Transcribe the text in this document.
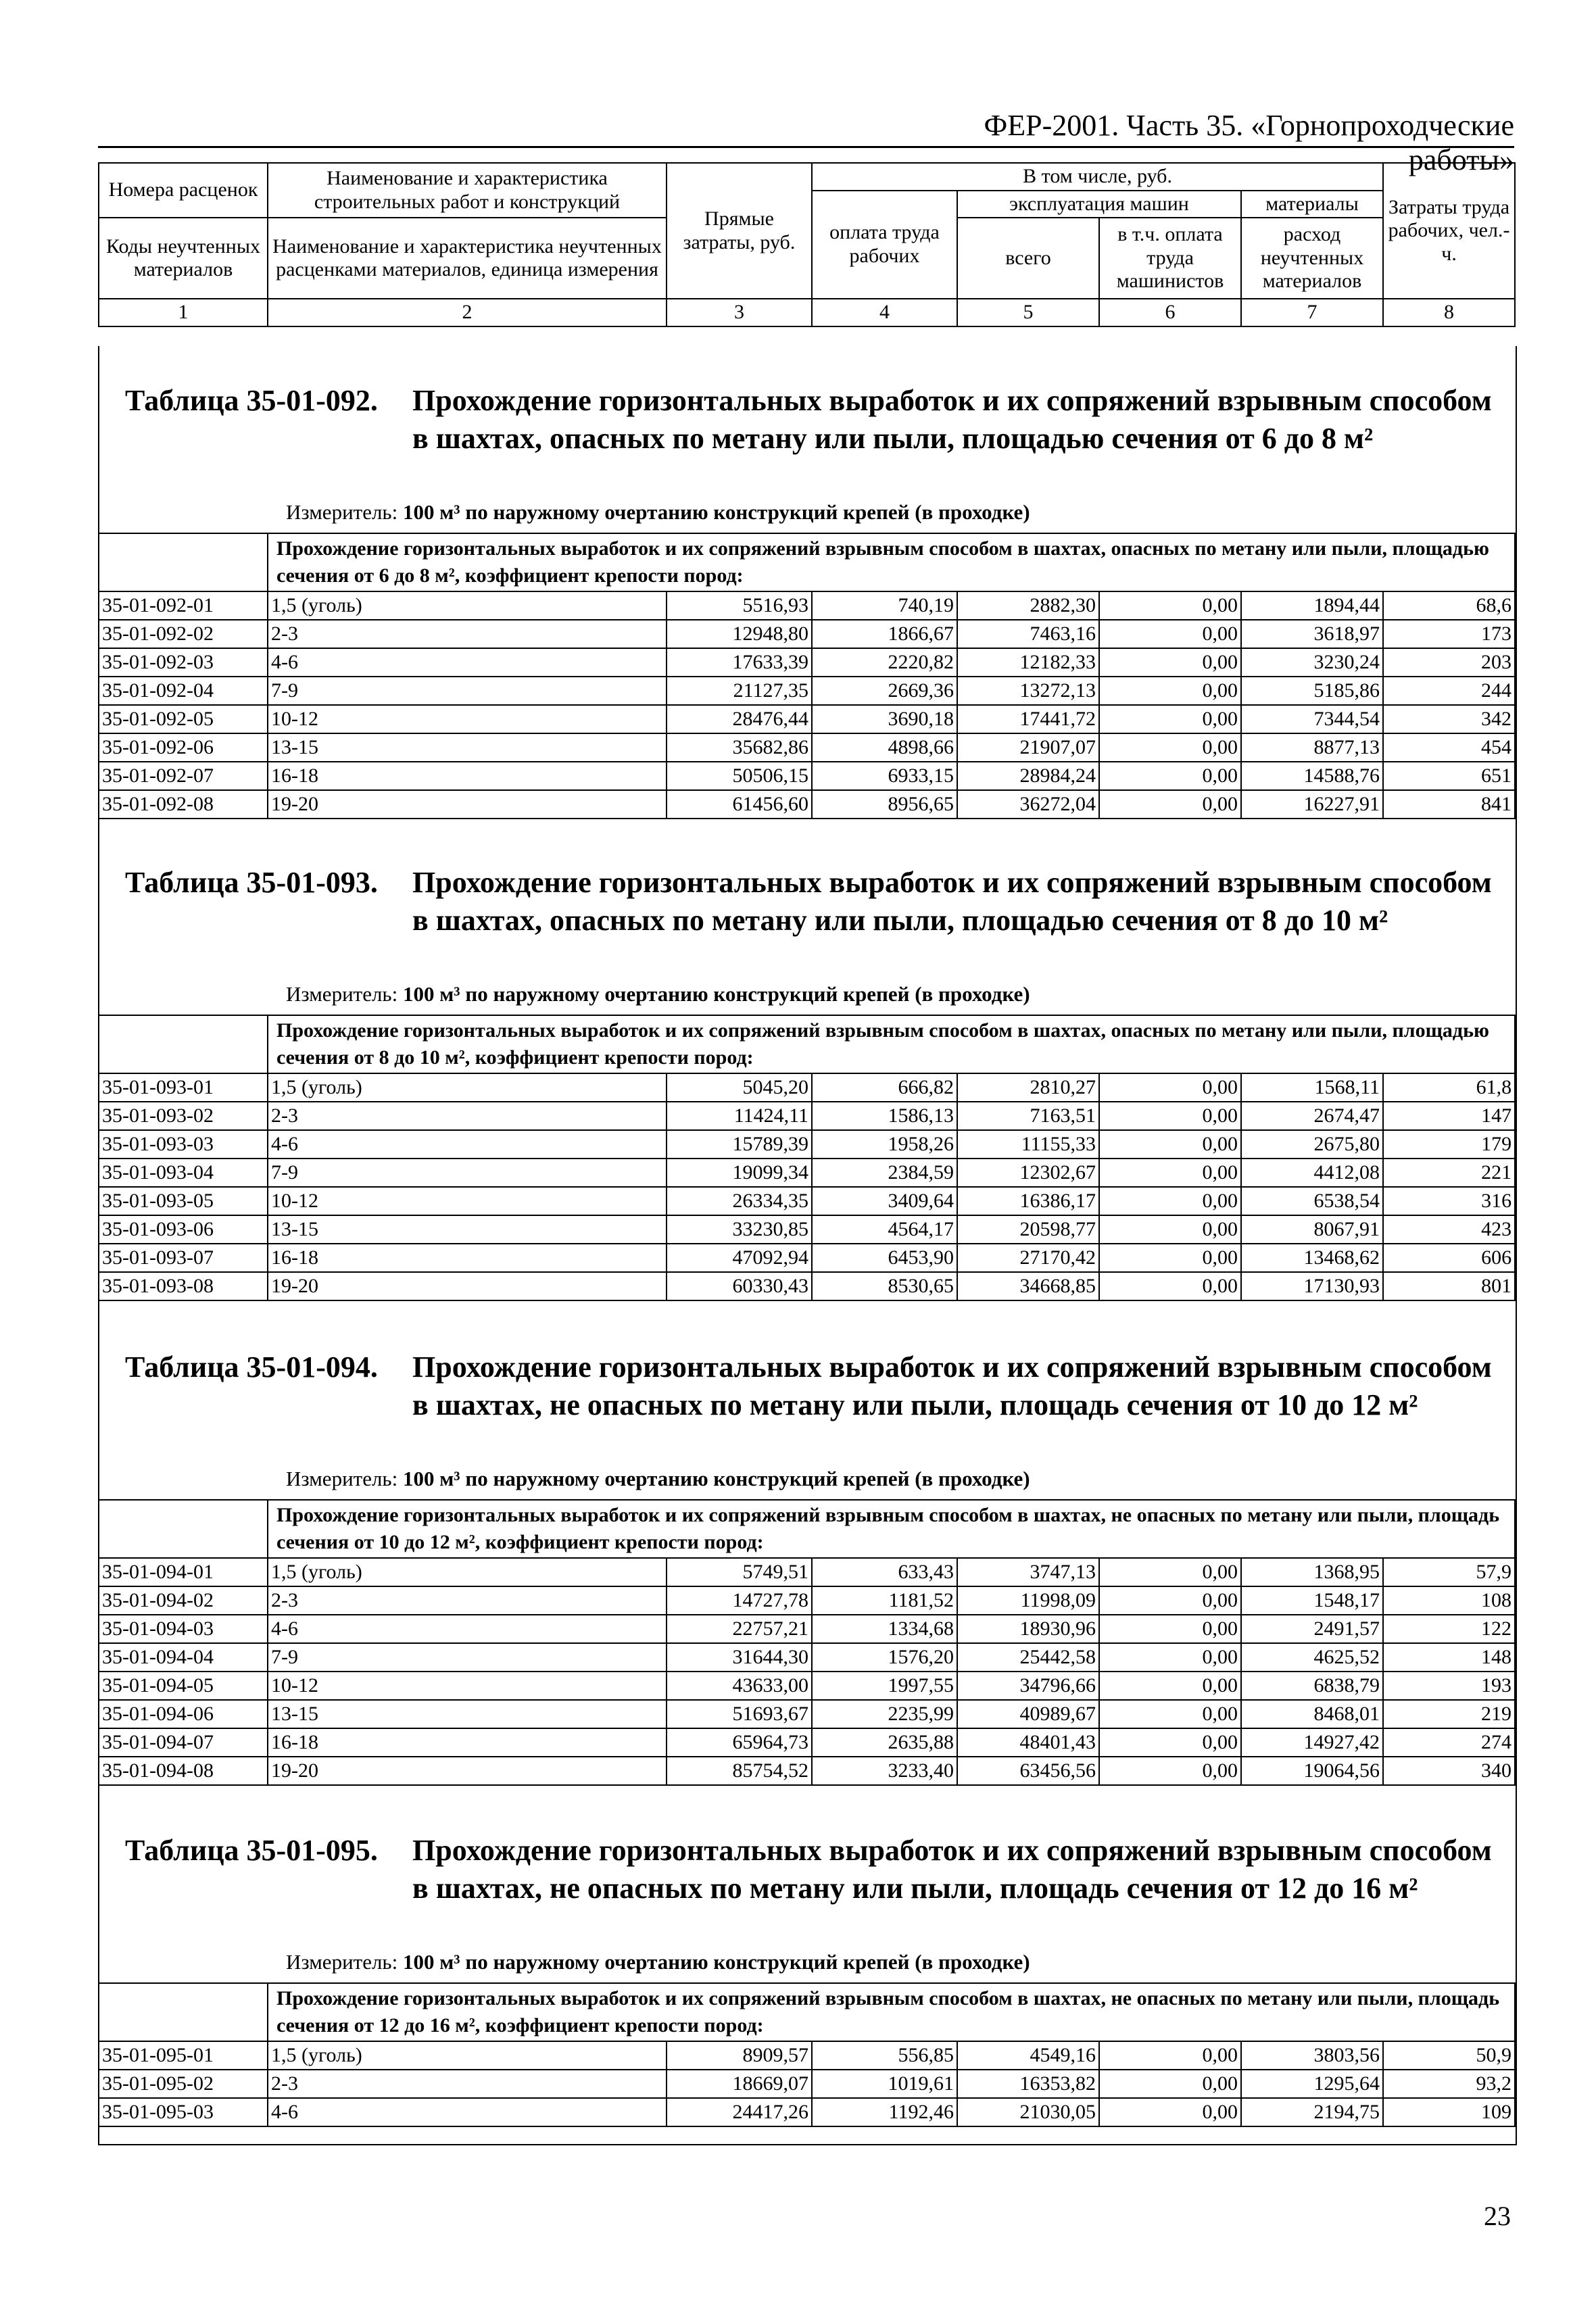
ФЕР-2001. Часть 35. «Горнопроходческие работы»
Номера расценок	Наименование и характеристика строительных работ и конструкций	Прямые затраты, руб.	В том числе, руб.				Затраты труда рабочих, чел.-ч.
			оплата труда рабочих	эксплуатация машин		материалы	
Коды неучтенных материалов	Наименование и характеристика неучтенных расценками материалов, единица измерения			всего	в т.ч. оплата труда машинистов	расход неучтенных материалов	

1	2	3	4	5	6	7	8
Таблица 35-01-092. Прохождение горизонтальных выработок и их сопряжений взрывным способом в шахтах, опасных по метану или пыли, площадью сечения от 6 до 8 м²
Измеритель: 100 м³ по наружному очертанию конструкций крепей (в проходке)
	Прохождение горизонтальных выработок и их сопряжений взрывным способом в шахтах, опасных по метану или пыли, площадью сечения от 6 до 8 м², коэффициент крепости пород:						
35-01-092-01	1,5 (уголь)	5516,93	740,19	2882,30	0,00	1894,44	68,6
35-01-092-02	2-3	12948,80	1866,67	7463,16	0,00	3618,97	173
35-01-092-03	4-6	17633,39	2220,82	12182,33	0,00	3230,24	203
35-01-092-04	7-9	21127,35	2669,36	13272,13	0,00	5185,86	244
35-01-092-05	10-12	28476,44	3690,18	17441,72	0,00	7344,54	342
35-01-092-06	13-15	35682,86	4898,66	21907,07	0,00	8877,13	454
35-01-092-07	16-18	50506,15	6933,15	28984,24	0,00	14588,76	651
35-01-092-08	19-20	61456,60	8956,65	36272,04	0,00	16227,91	841
Таблица 35-01-093. Прохождение горизонтальных выработок и их сопряжений взрывным способом в шахтах, опасных по метану или пыли, площадью сечения от 8 до 10 м²
Измеритель: 100 м³ по наружному очертанию конструкций крепей (в проходке)
	Прохождение горизонтальных выработок и их сопряжений взрывным способом в шахтах, опасных по метану или пыли, площадью сечения от 8 до 10 м², коэффициент крепости пород:						
35-01-093-01	1,5 (уголь)	5045,20	666,82	2810,27	0,00	1568,11	61,8
35-01-093-02	2-3	11424,11	1586,13	7163,51	0,00	2674,47	147
35-01-093-03	4-6	15789,39	1958,26	11155,33	0,00	2675,80	179
35-01-093-04	7-9	19099,34	2384,59	12302,67	0,00	4412,08	221
35-01-093-05	10-12	26334,35	3409,64	16386,17	0,00	6538,54	316
35-01-093-06	13-15	33230,85	4564,17	20598,77	0,00	8067,91	423
35-01-093-07	16-18	47092,94	6453,90	27170,42	0,00	13468,62	606
35-01-093-08	19-20	60330,43	8530,65	34668,85	0,00	17130,93	801
Таблица 35-01-094. Прохождение горизонтальных выработок и их сопряжений взрывным способом в шахтах, не опасных по метану или пыли, площадь сечения от 10 до 12 м²
Измеритель: 100 м³ по наружному очертанию конструкций крепей (в проходке)
	Прохождение горизонтальных выработок и их сопряжений взрывным способом в шахтах, не опасных по метану или пыли, площадь сечения от 10 до 12 м², коэффициент крепости пород:						
35-01-094-01	1,5 (уголь)	5749,51	633,43	3747,13	0,00	1368,95	57,9
35-01-094-02	2-3	14727,78	1181,52	11998,09	0,00	1548,17	108
35-01-094-03	4-6	22757,21	1334,68	18930,96	0,00	2491,57	122
35-01-094-04	7-9	31644,30	1576,20	25442,58	0,00	4625,52	148
35-01-094-05	10-12	43633,00	1997,55	34796,66	0,00	6838,79	193
35-01-094-06	13-15	51693,67	2235,99	40989,67	0,00	8468,01	219
35-01-094-07	16-18	65964,73	2635,88	48401,43	0,00	14927,42	274
35-01-094-08	19-20	85754,52	3233,40	63456,56	0,00	19064,56	340
Таблица 35-01-095. Прохождение горизонтальных выработок и их сопряжений взрывным способом в шахтах, не опасных по метану или пыли, площадь сечения от 12 до 16 м²
Измеритель: 100 м³ по наружному очертанию конструкций крепей (в проходке)
	Прохождение горизонтальных выработок и их сопряжений взрывным способом в шахтах, не опасных по метану или пыли, площадь сечения от 12 до 16 м², коэффициент крепости пород:						
35-01-095-01	1,5 (уголь)	8909,57	556,85	4549,16	0,00	3803,56	50,9
35-01-095-02	2-3	18669,07	1019,61	16353,82	0,00	1295,64	93,2
35-01-095-03	4-6	24417,26	1192,46	21030,05	0,00	2194,75	109
23
